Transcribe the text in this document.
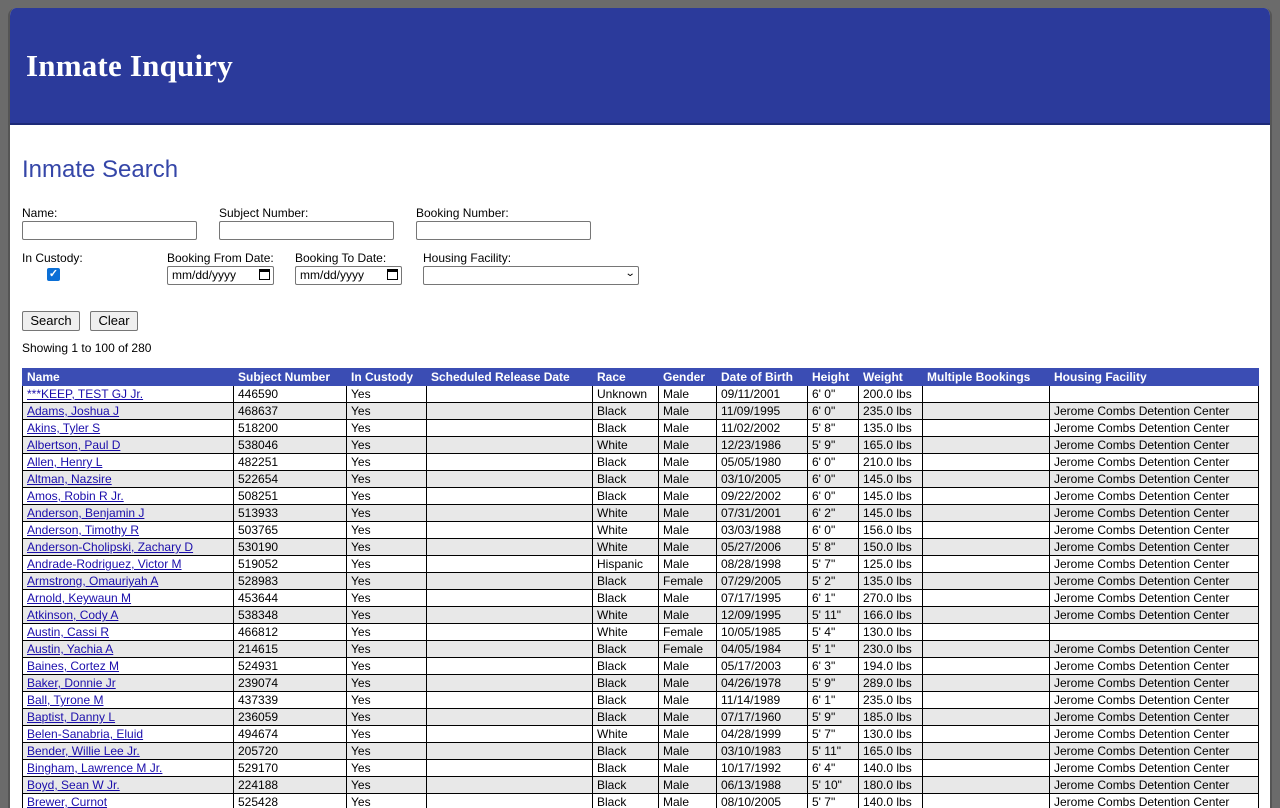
Inmate Inquiry
Inmate Search
Name:	Subject Number:	Booking Number:
In Custody:
✓
Booking From Date:
mm/dd/yyyy
Booking To Date:
mm/dd/yyyy
Housing Facility:
⌄
Search	Clear
Showing 1 to 100 of 280
Name	Subject Number	In Custody	Scheduled Release Date	Race	Gender	Date of Birth	Height	Weight	Multiple Bookings	Housing Facility
***KEEP, TEST GJ Jr.	446590	Yes		Unknown	Male	09/11/2001	6' 0"	200.0 lbs		
Adams, Joshua J	468637	Yes		Black	Male	11/09/1995	6' 0"	235.0 lbs		Jerome Combs Detention Center
Akins, Tyler S	518200	Yes		Black	Male	11/02/2002	5' 8"	135.0 lbs		Jerome Combs Detention Center
Albertson, Paul D	538046	Yes		White	Male	12/23/1986	5' 9"	165.0 lbs		Jerome Combs Detention Center
Allen, Henry L	482251	Yes		Black	Male	05/05/1980	6' 0"	210.0 lbs		Jerome Combs Detention Center
Altman, Nazsire	522654	Yes		Black	Male	03/10/2005	6' 0"	145.0 lbs		Jerome Combs Detention Center
Amos, Robin R Jr.	508251	Yes		Black	Male	09/22/2002	6' 0"	145.0 lbs		Jerome Combs Detention Center
Anderson, Benjamin J	513933	Yes		White	Male	07/31/2001	6' 2"	145.0 lbs		Jerome Combs Detention Center
Anderson, Timothy R	503765	Yes		White	Male	03/03/1988	6' 0"	156.0 lbs		Jerome Combs Detention Center
Anderson-Cholipski, Zachary D	530190	Yes		White	Male	05/27/2006	5' 8"	150.0 lbs		Jerome Combs Detention Center
Andrade-Rodriguez, Victor M	519052	Yes		Hispanic	Male	08/28/1998	5' 7"	125.0 lbs		Jerome Combs Detention Center
Armstrong, Omauriyah A	528983	Yes		Black	Female	07/29/2005	5' 2"	135.0 lbs		Jerome Combs Detention Center
Arnold, Keywaun M	453644	Yes		Black	Male	07/17/1995	6' 1"	270.0 lbs		Jerome Combs Detention Center
Atkinson, Cody A	538348	Yes		White	Male	12/09/1995	5' 11"	166.0 lbs		Jerome Combs Detention Center
Austin, Cassi R	466812	Yes		White	Female	10/05/1985	5' 4"	130.0 lbs		
Austin, Yachia A	214615	Yes		Black	Female	04/05/1984	5' 1"	230.0 lbs		Jerome Combs Detention Center
Baines, Cortez M	524931	Yes		Black	Male	05/17/2003	6' 3"	194.0 lbs		Jerome Combs Detention Center
Baker, Donnie Jr	239074	Yes		Black	Male	04/26/1978	5' 9"	289.0 lbs		Jerome Combs Detention Center
Ball, Tyrone M	437339	Yes		Black	Male	11/14/1989	6' 1"	235.0 lbs		Jerome Combs Detention Center
Baptist, Danny L	236059	Yes		Black	Male	07/17/1960	5' 9"	185.0 lbs		Jerome Combs Detention Center
Belen-Sanabria, Eluid	494674	Yes		White	Male	04/28/1999	5' 7"	130.0 lbs		Jerome Combs Detention Center
Bender, Willie Lee Jr.	205720	Yes		Black	Male	03/10/1983	5' 11"	165.0 lbs		Jerome Combs Detention Center
Bingham, Lawrence M Jr.	529170	Yes		Black	Male	10/17/1992	6' 4"	140.0 lbs		Jerome Combs Detention Center
Boyd, Sean W Jr.	224188	Yes		Black	Male	06/13/1988	5' 10"	180.0 lbs		Jerome Combs Detention Center
Brewer, Curnot	525428	Yes		Black	Male	08/10/2005	5' 7"	140.0 lbs		Jerome Combs Detention Center
